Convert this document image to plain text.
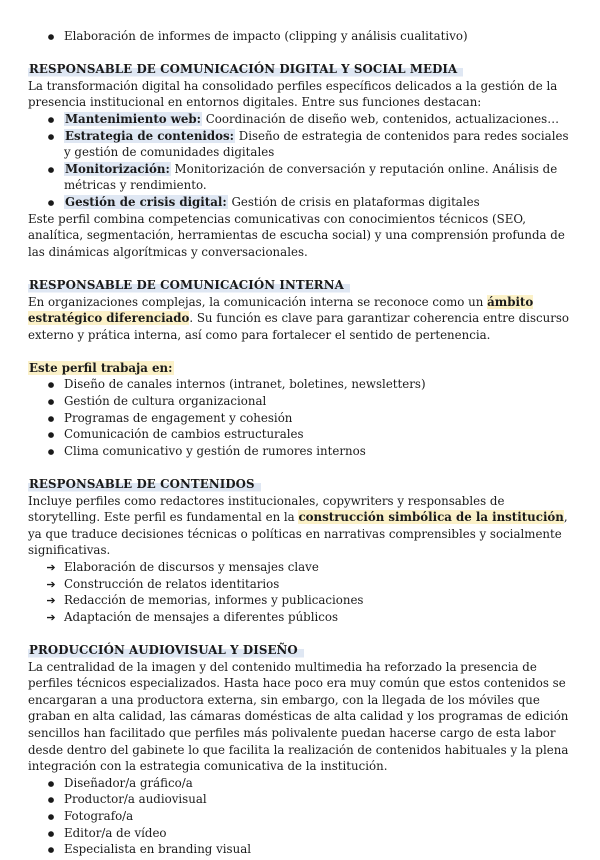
●
Elaboración de informes de impacto (clipping y análisis cualitativo)
RESPONSABLE DE COMUNICACIÓN DIGITAL Y SOCIAL MEDIA

La transformación digital ha consolidado perfiles específicos delicados a la gestión de la presencia institucional en entornos digitales. Entre sus funciones destacan:

●
Mantenimiento web: Coordinación de diseño web, contenidos, actualizaciones…
●
Estrategia de contenidos: Diseño de estrategia de contenidos para redes sociales y gestión de comunidades digitales
●
Monitorización: Monitorización de conversación y reputación online. Análisis de métricas y rendimiento.
●
Gestión de crisis digital: Gestión de crisis en plataformas digitales

Este perfil combina competencias comunicativas con conocimientos técnicos (SEO, analítica, segmentación, herramientas de escucha social) y una comprensión profunda de las dinámicas algorítmicas y conversacionales.

RESPONSABLE DE COMUNICACIÓN INTERNA

En organizaciones complejas, la comunicación interna se reconoce como un ámbito estratégico diferenciado. Su función es clave para garantizar coherencia entre discurso externo y prática interna, así como para fortalecer el sentido de pertenencia.

Este perfil trabaja en:

●
Diseño de canales internos (intranet, boletines, newsletters)
●
Gestión de cultura organizacional
●
Programas de engagement y cohesión
●
Comunicación de cambios estructurales
●
Clima comunicativo y gestión de rumores internos
RESPONSABLE DE CONTENIDOS

Incluye perfiles como redactores institucionales, copywriters y responsables de storytelling. Este perfil es fundamental en la construcción simbólica de la institución, ya que traduce decisiones técnicas o políticas en narrativas comprensibles y socialmente significativas.

➔
Elaboración de discursos y mensajes clave
➔
Construcción de relatos identitarios
➔
Redacción de memorias, informes y publicaciones
➔
Adaptación de mensajes a diferentes públicos
PRODUCCIÓN AUDIOVISUAL Y DISEÑO

La centralidad de la imagen y del contenido multimedia ha reforzado la presencia de perfiles técnicos especializados. Hasta hace poco era muy común que estos contenidos se encargaran a una productora externa, sin embargo, con la llegada de los móviles que graban en alta calidad, las cámaras domésticas de alta calidad y los programas de edición sencillos han facilitado que perfiles más polivalente puedan hacerse cargo de esta labor desde dentro del gabinete lo que facilita la realización de contenidos habituales y la plena integración con la estrategia comunicativa de la institución.

●
Diseñador/a gráfico/a
●
Productor/a audiovisual
●
Fotografo/a
●
Editor/a de vídeo
●
Especialista en branding visual
